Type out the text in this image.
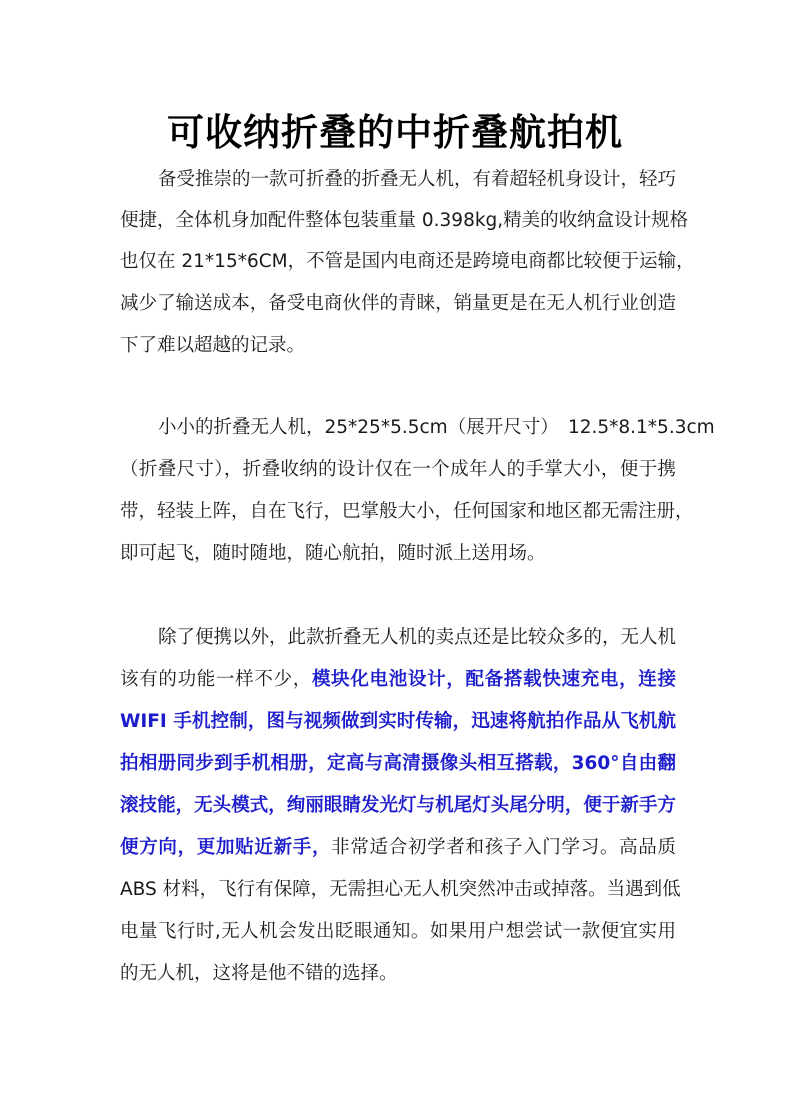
可收纳折叠的中折叠航拍机
备受推崇的一款可折叠的折叠无人机，有着超轻机身设计，轻巧
便捷，全体机身加配件整体包装重量 0.398kg,精美的收纳盒设计规格
也仅在 21*15*6CM，不管是国内电商还是跨境电商都比较便于运输，
减少了输送成本，备受电商伙伴的青睐，销量更是在无人机行业创造
下了难以超越的记录。
小小的折叠无人机，25*25*5.5cm（展开尺寸）　12.5*8.1*5.3cm
（折叠尺寸），折叠收纳的设计仅在一个成年人的手掌大小，便于携
带，轻装上阵，自在飞行，巴掌般大小，任何国家和地区都无需注册，
即可起飞，随时随地，随心航拍，随时派上送用场。
除了便携以外，此款折叠无人机的卖点还是比较众多的，无人机
该有的功能一样不少，模块化电池设计，配备搭载快速充电，连接
WIFI 手机控制，图与视频做到实时传输，迅速将航拍作品从飞机航
拍相册同步到手机相册，定高与高清摄像头相互搭载，360°自由翻
滚技能，无头模式，绚丽眼睛发光灯与机尾灯头尾分明，便于新手方
便方向，更加贴近新手，非常适合初学者和孩子入门学习。高品质
ABS 材料，飞行有保障，无需担心无人机突然冲击或掉落。当遇到低
电量飞行时,无人机会发出眨眼通知。如果用户想尝试一款便宜实用
的无人机，这将是他不错的选择。
